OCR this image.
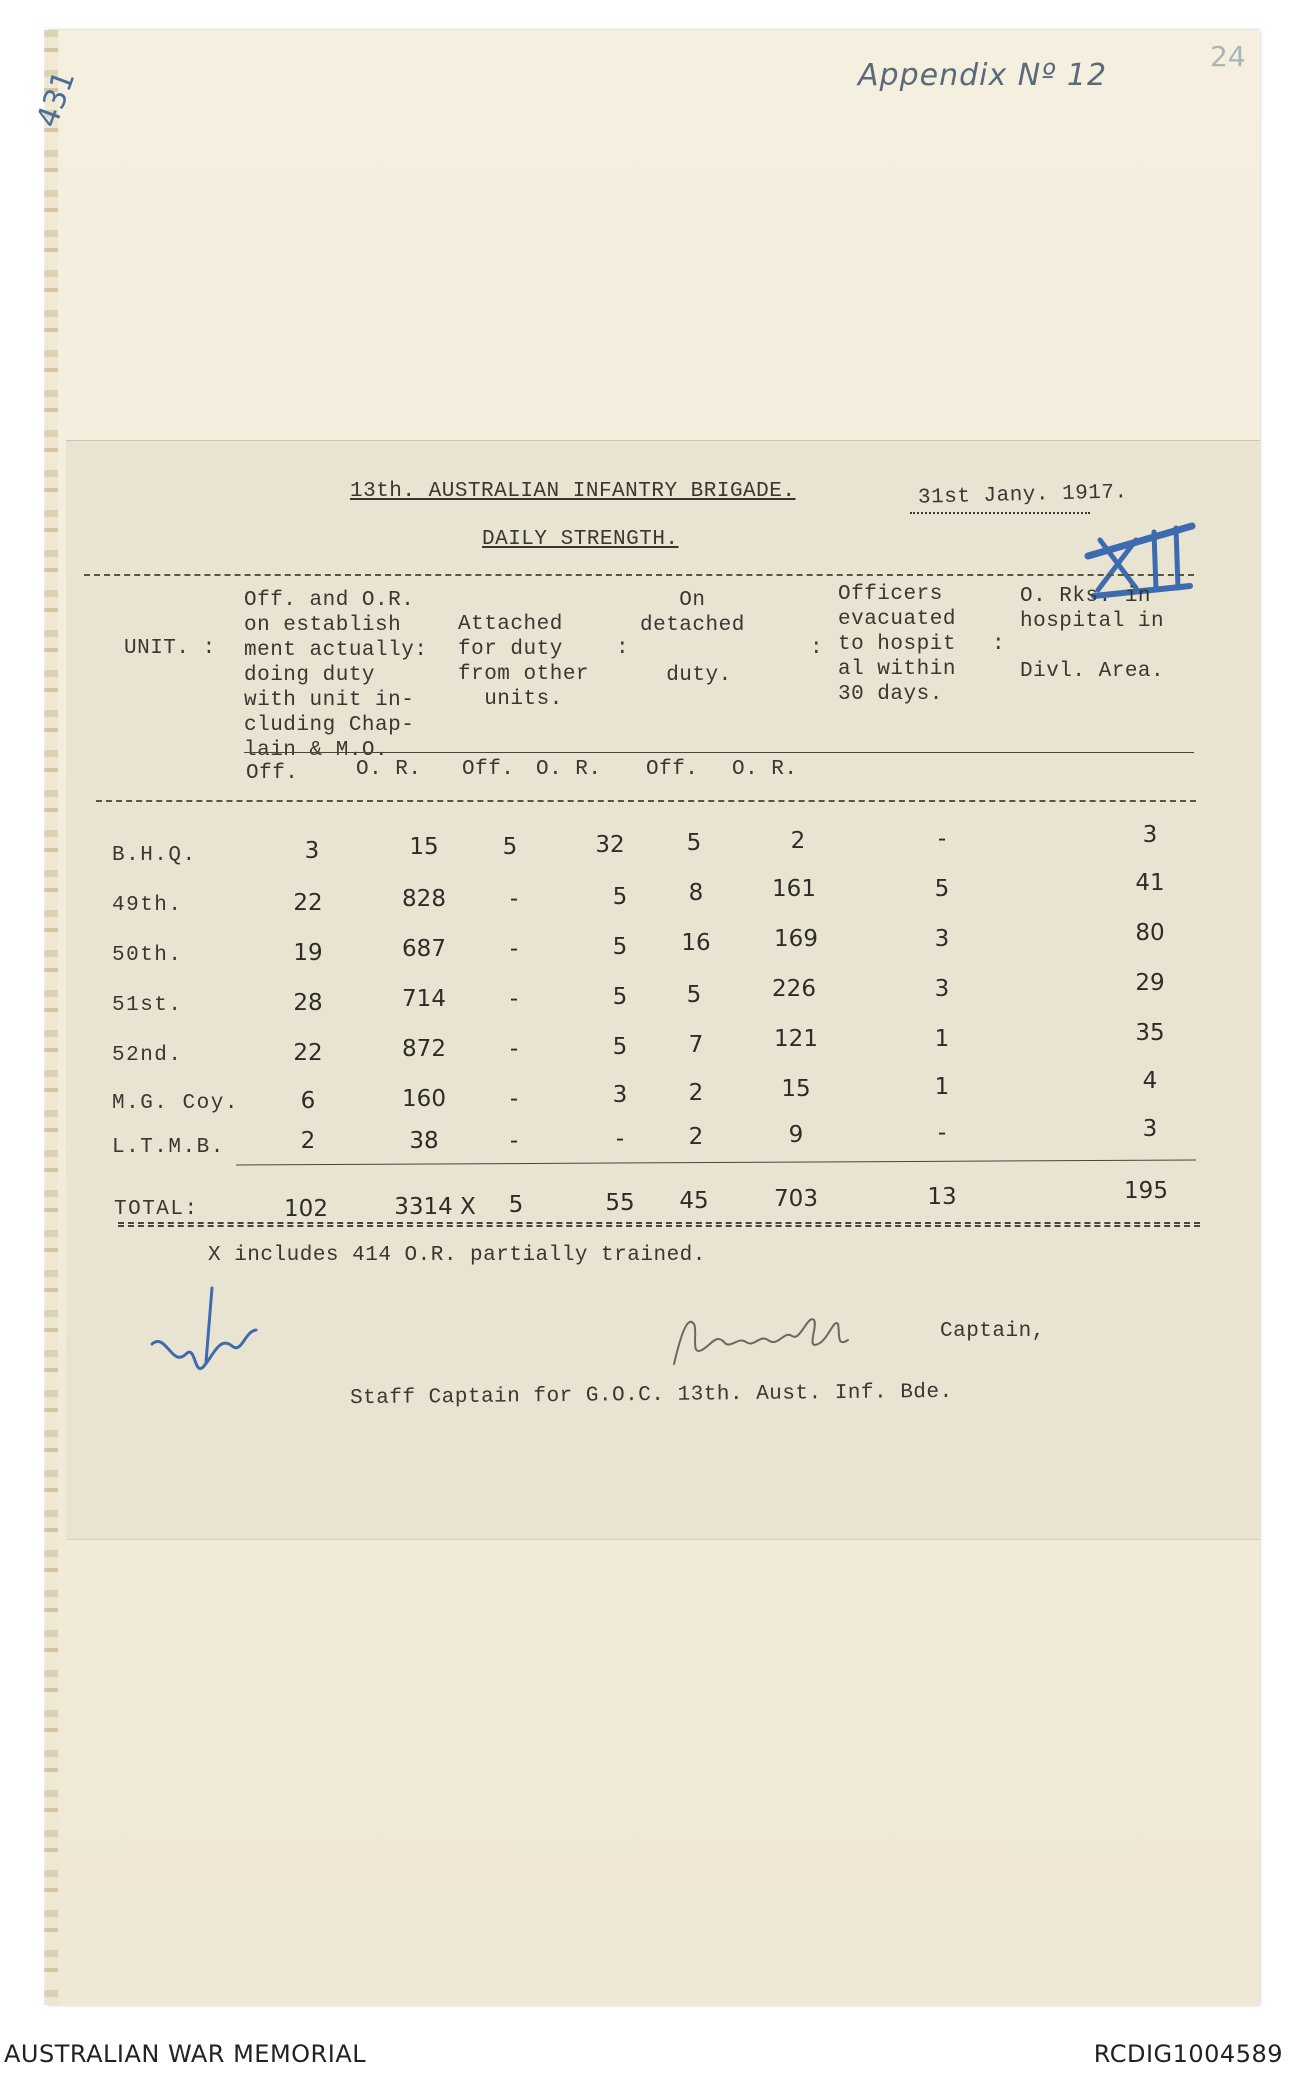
431	Appendix Nº 12
24
13th. AUSTRALIAN INFANTRY BRIGADE.	31st Jany. 1917.
DAILY STRENGTH.
UNIT. :
Off. and O.R.
on establish
ment actually:
doing duty
with unit in-
cluding Chap-
lain & M.O.
Attached
for duty
from other
units.
:
On
detached

duty.
:
Officers
evacuated
to hospit
al within
30 days.
:
O. Rks. in
hospital in

Divl. Area.
Off.	O. R. Off. O. R. Off. O. R.
B.H.Q.	3	15	5	32	5	2	-	3
49th.	22	828	-	5	8	161	5	41
50th.	19	687	-	5	16	169	3	80
51st.	28	714	-	5	5	226	3	29
52nd.	22	872	-	5	7	121	1	35
M.G. Coy.	6	160	-	3	2	15	1	4
L.T.M.B.	2	38	-	-	2	9	-	3
TOTAL:	102	3314 X	5	55	45	703	13	195
X includes 414 O.R. partially trained.
Captain,
Staff Captain for G.O.C. 13th. Aust. Inf. Bde.
AUSTRALIAN WAR MEMORIAL	RCDIG1004589
